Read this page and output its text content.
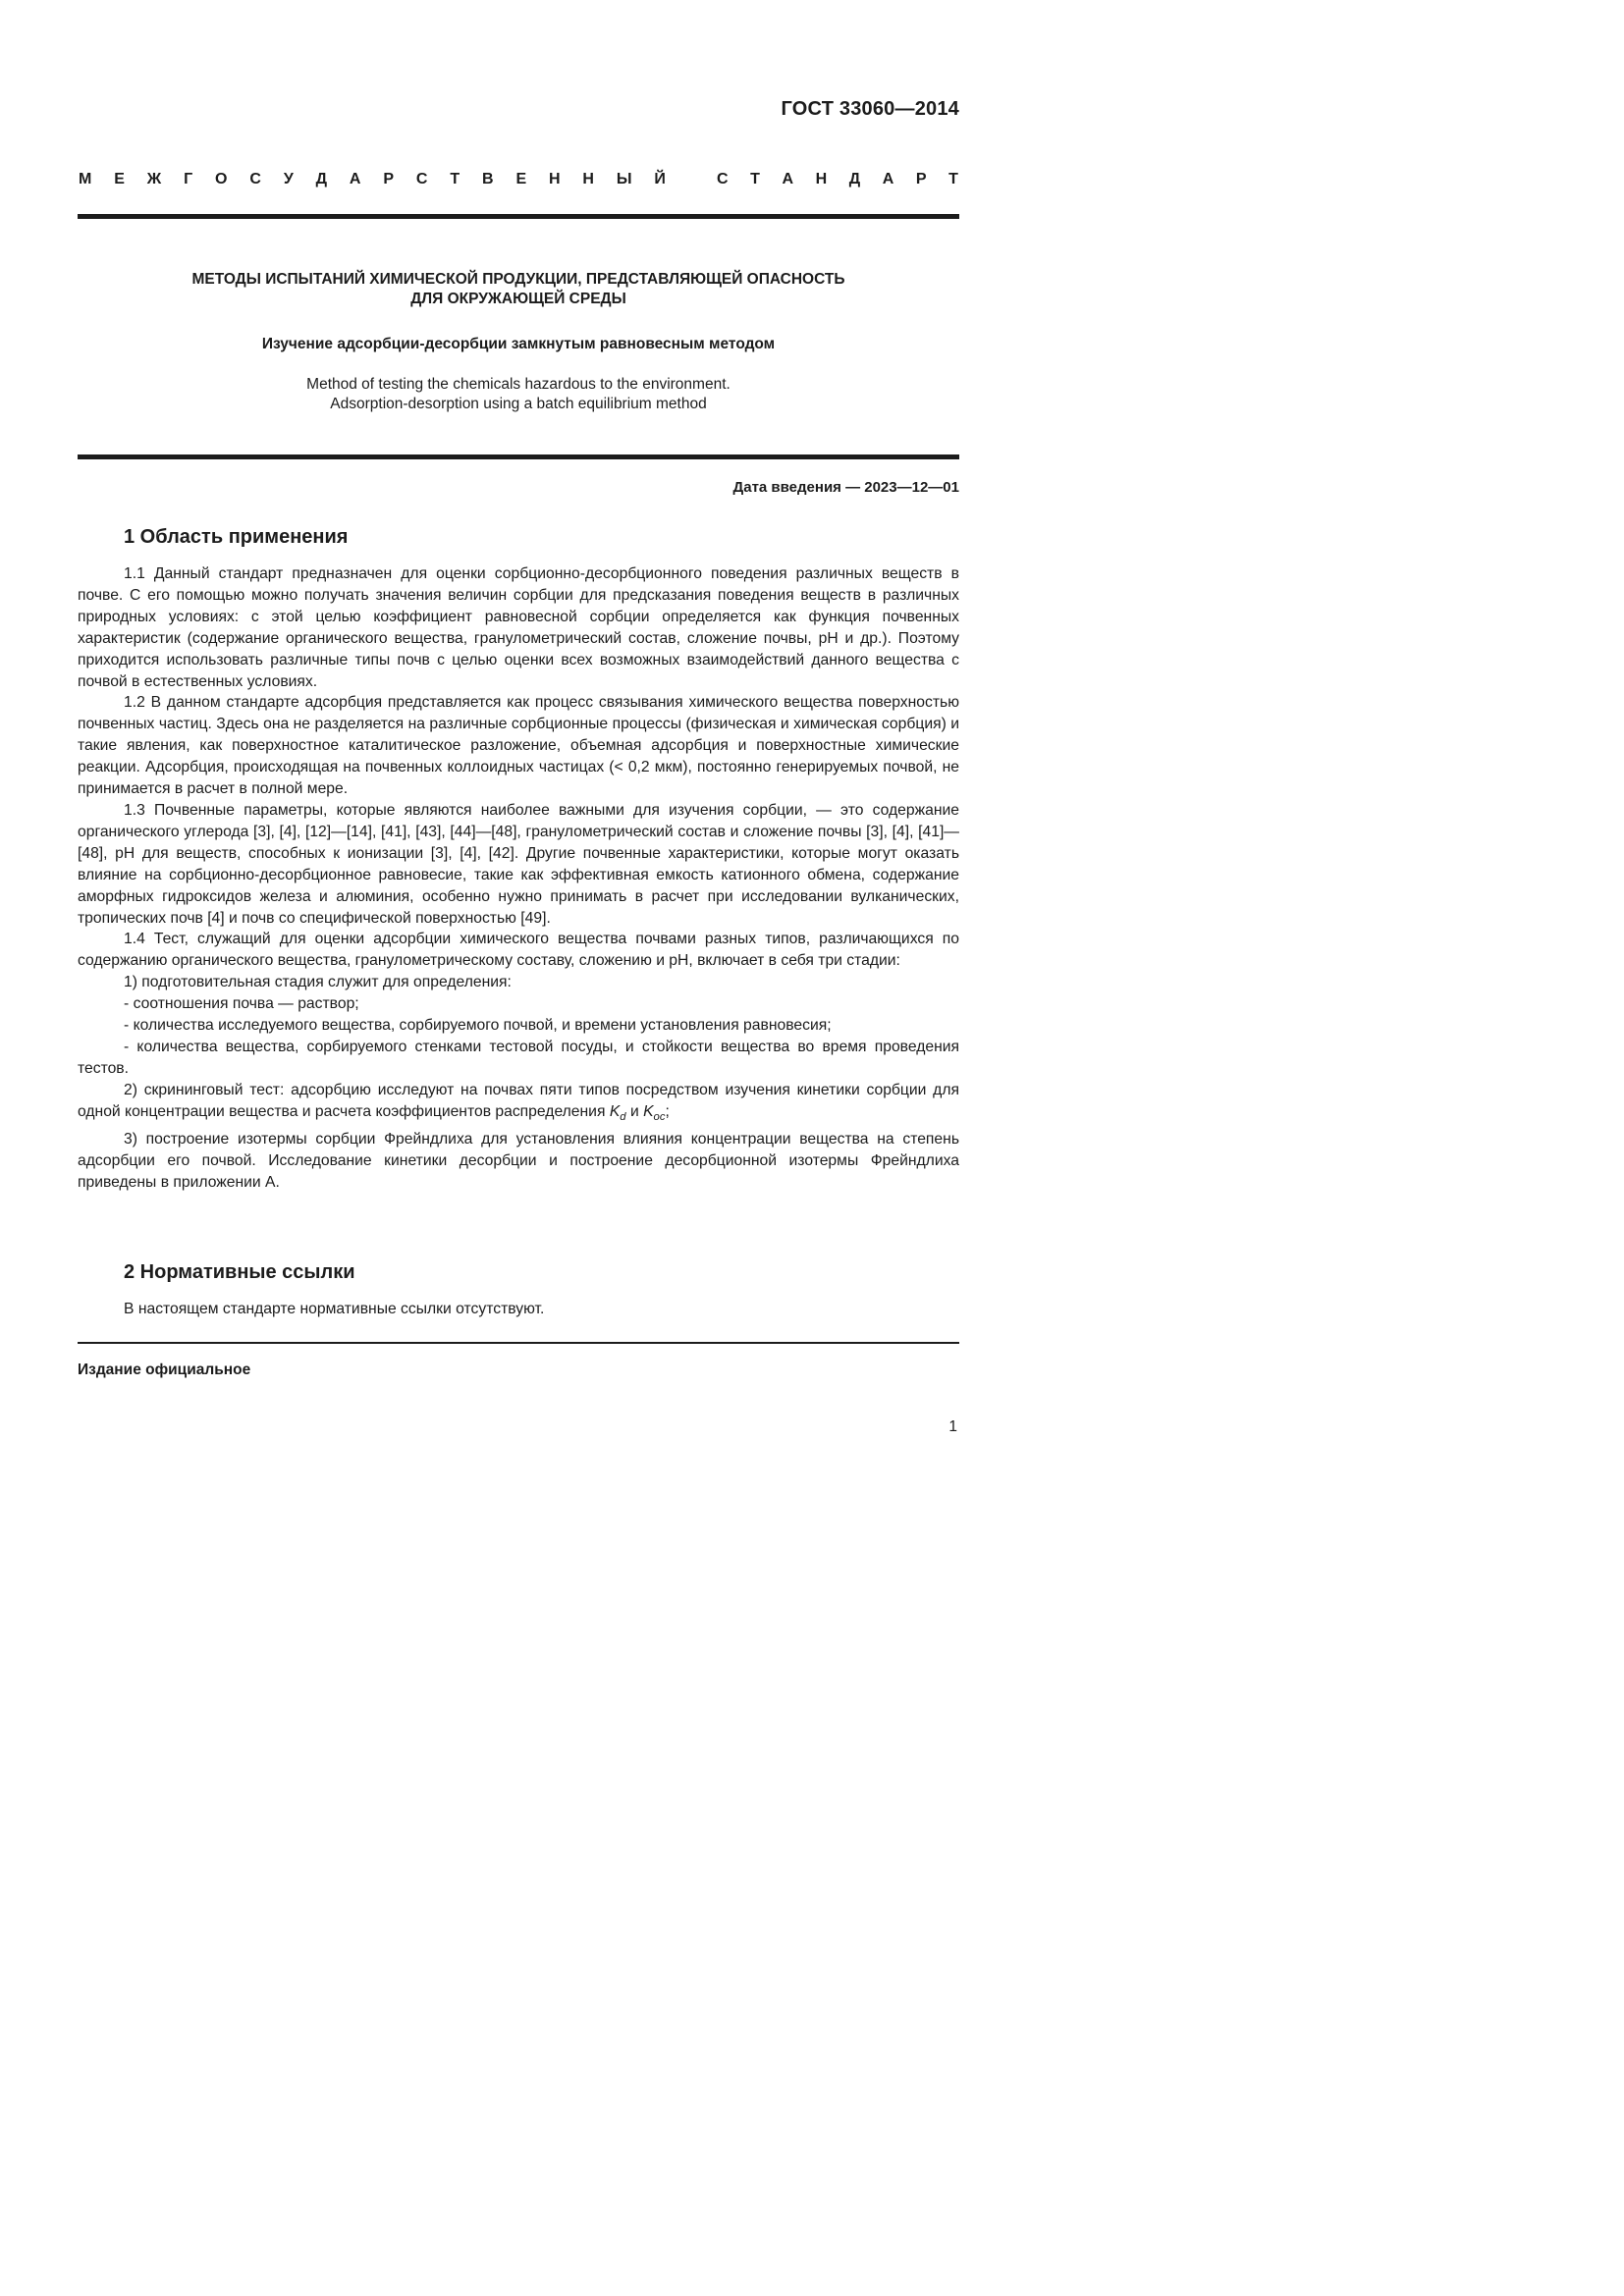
ГОСТ 33060—2014
М Е Ж Г О С У Д А Р С Т В Е Н Н Ы Й	С Т А Н Д А Р Т
МЕТОДЫ ИСПЫТАНИЙ ХИМИЧЕСКОЙ ПРОДУКЦИИ, ПРЕДСТАВЛЯЮЩЕЙ ОПАСНОСТЬ
ДЛЯ ОКРУЖАЮЩЕЙ СРЕДЫ
Изучение адсорбции-десорбции замкнутым равновесным методом
Method of testing the chemicals hazardous to the environment.
Adsorption-desorption using a batch equilibrium method
Дата введения — 2023—12—01
1 Область применения

1.1 Данный стандарт предназначен для оценки сорбционно-десорбционного поведения различных веществ в почве. С его помощью можно получать значения величин сорбции для предсказания поведения веществ в различных природных условиях: с этой целью коэффициент равновесной сорбции определяется как функция почвенных характеристик (содержание органического вещества, гранулометрический состав, сложение почвы, pH и др.). Поэтому приходится использовать различные типы почв с целью оценки всех возможных взаимодействий данного вещества с почвой в естественных условиях.

1.2 В данном стандарте адсорбция представляется как процесс связывания химического вещества поверхностью почвенных частиц. Здесь она не разделяется на различные сорбционные процессы (физическая и химическая сорбция) и такие явления, как поверхностное каталитическое разложение, объемная адсорбция и поверхностные химические реакции. Адсорбция, происходящая на почвенных коллоидных частицах (< 0,2 мкм), постоянно генерируемых почвой, не принимается в расчет в полной мере.

1.3 Почвенные параметры, которые являются наиболее важными для изучения сорбции, — это содержание органического углерода [3], [4], [12]—[14], [41], [43], [44]—[48], гранулометрический состав и сложение почвы [3], [4], [41]—[48], pH для веществ, способных к ионизации [3], [4], [42]. Другие почвенные характеристики, которые могут оказать влияние на сорбционно-десорбционное равновесие, такие как эффективная емкость катионного обмена, содержание аморфных гидроксидов железа и алюминия, особенно нужно принимать в расчет при исследовании вулканических, тропических почв [4] и почв со специфической поверхностью [49].

1.4 Тест, служащий для оценки адсорбции химического вещества почвами разных типов, различающихся по содержанию органического вещества, гранулометрическому составу, сложению и pH, включает в себя три стадии:

1) подготовительная стадия служит для определения:

- соотношения почва — раствор;

- количества исследуемого вещества, сорбируемого почвой, и времени установления равновесия;

- количества вещества, сорбируемого стенками тестовой посуды, и стойкости вещества во время проведения тестов.

2) скрининговый тест: адсорбцию исследуют на почвах пяти типов посредством изучения кинетики сорбции для одной концентрации вещества и расчета коэффициентов распределения $K_d$ и $K_{oc}$;

3) построение изотермы сорбции Фрейндлиха для установления влияния концентрации вещества на степень адсорбции его почвой. Исследование кинетики десорбции и построение десорбционной изотермы Фрейндлиха приведены в приложении А.

2 Нормативные ссылки
В настоящем стандарте нормативные ссылки отсутствуют.
Издание официальное
1
